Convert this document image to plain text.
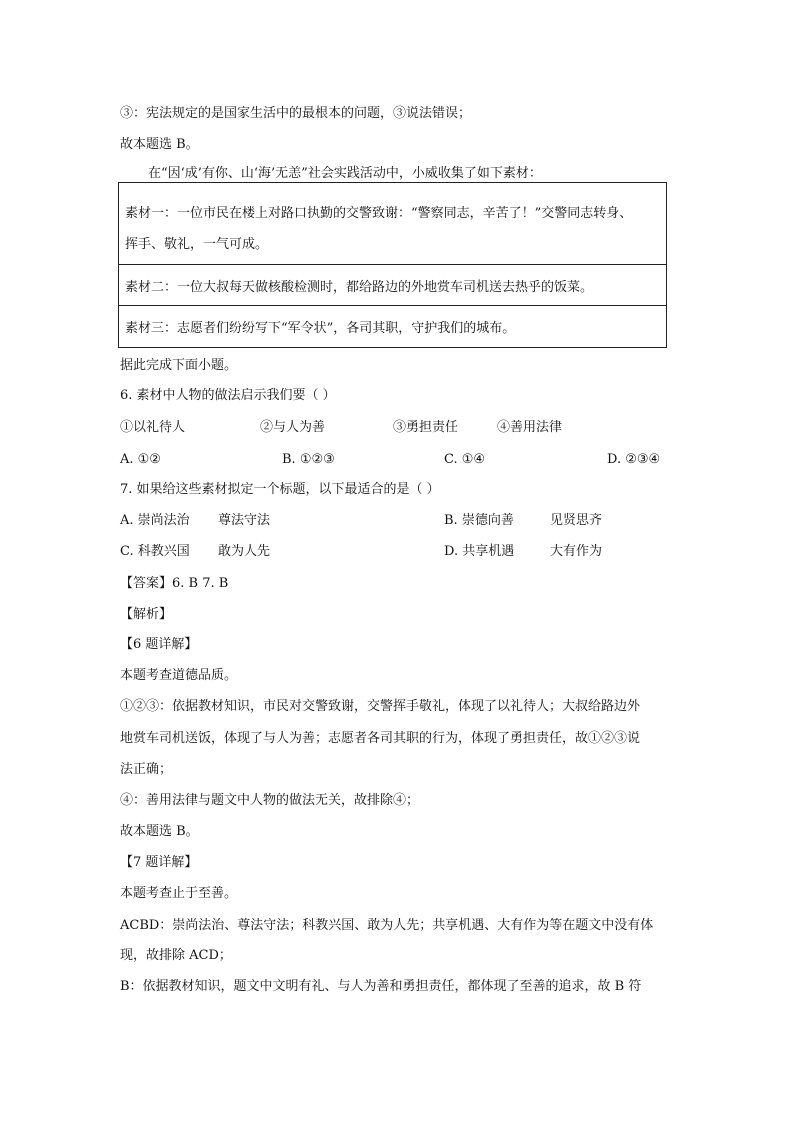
③：宪法规定的是国家生活中的最根本的问题，③说法错误；
故本题选 B。
在“因‘成’有你、山‘海’无恙”社会实践活动中，小威收集了如下素材：
素材一：一位市民在楼上对路口执勤的交警致谢：“警察同志，辛苦了！”交警同志转身、
挥手、敬礼，一气可成。
素材二：一位大叔每天做核酸检测时，都给路边的外地赏车司机送去热乎的饭菜。
素材三：志愿者们纷纷写下“军令状”，各司其职，守护我们的城布。
据此完成下面小题。
6. 素材中人物的做法启示我们要（ ）
①以礼待人	②与人为善	③勇担责任	④善用法律
A. ①②	B. ①②③	C. ①④	D. ②③④
7. 如果给这些素材拟定一个标题，以下最适合的是（ ）
A. 崇尚法治 尊法守法	B. 崇德向善	见贤思齐
C. 科教兴国 敢为人先	D. 共享机遇	大有作为
【答案】6. B 7. B
【解析】
【6 题详解】
本题考查道德品质。
①②③：依据教材知识，市民对交警致谢，交警挥手敬礼，体现了以礼待人；大叔给路边外
地赏车司机送饭，体现了与人为善；志愿者各司其职的行为，体现了勇担责任，故①②③说
法正确；
④：善用法律与题文中人物的做法无关，故排除④；
故本题选 B。
【7 题详解】
本题考查止于至善。
ACBD：崇尚法治、尊法守法；科教兴国、敢为人先；共享机遇、大有作为等在题文中没有体
现，故排除 ACD；
B：依据教材知识，题文中文明有礼、与人为善和勇担责任，都体现了至善的追求，故 B 符
